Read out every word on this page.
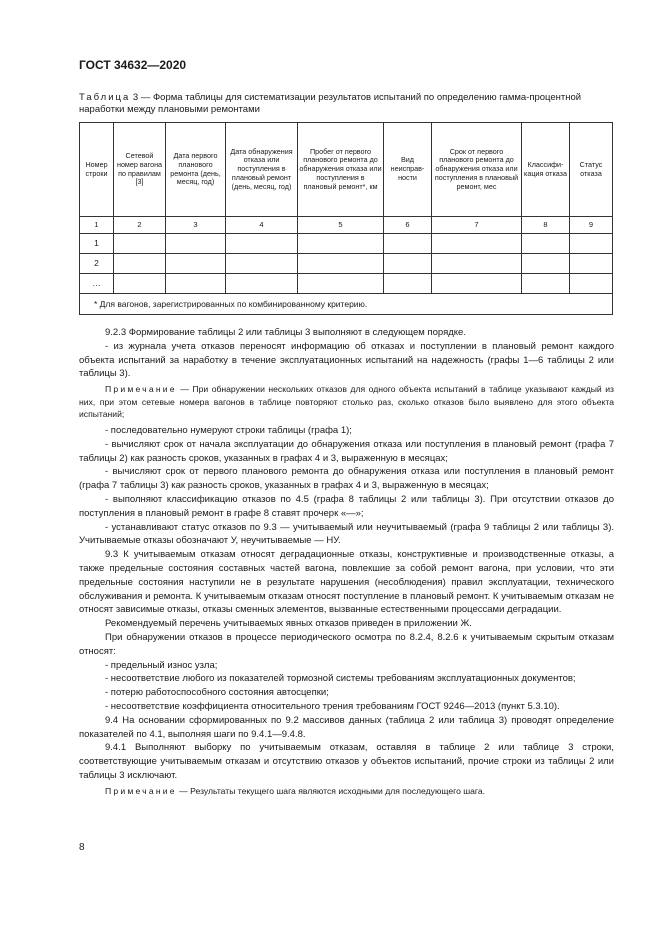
ГОСТ 34632—2020
Таблица 3 — Форма таблицы для систематизации результатов испытаний по определению гамма-процентной наработки между плановыми ремонтами
Номер строки	Сетевой номер вагона по правилам [3]	Дата первого планового ремонта (день, месяц, год)	Дата обнаружения отказа или поступления в плановый ремонт (день, месяц, год)	Пробег от первого планового ремонта до обнаружения отказа или поступления в плановый ремонт*, км	Вид неисправ-ности	Срок от первого планового ремонта до обнаружения отказа или поступления в плановый ремонт, мес	Классифи-кация отказа	Статус отказа
1	2	3	4	5	6	7	8	9
1								
2								
…								
* Для вагонов, зарегистрированных по комбинированному критерию.								

9.2.3 Формирование таблицы 2 или таблицы 3 выполняют в следующем порядке.

- из журнала учета отказов переносят информацию об отказах и поступлении в плановый ремонт каждого объекта испытаний за наработку в течение эксплуатационных испытаний на надежность (графы 1—6 таблицы 2 или таблицы 3).

Примечание — При обнаружении нескольких отказов для одного объекта испытаний в таблице указывают каждый из них, при этом сетевые номера вагонов в таблице повторяют столько раз, сколько отказов было выявлено для этого объекта испытаний;

- последовательно нумеруют строки таблицы (графа 1);

- вычисляют срок от начала эксплуатации до обнаружения отказа или поступления в плановый ремонт (графа 7 таблицы 2) как разность сроков, указанных в графах 4 и 3, выраженную в месяцах;

- вычисляют срок от первого планового ремонта до обнаружения отказа или поступления в плановый ремонт (графа 7 таблицы 3) как разность сроков, указанных в графах 4 и 3, выраженную в месяцах;

- выполняют классификацию отказов по 4.5 (графа 8 таблицы 2 или таблицы 3). При отсутствии отказов до поступления в плановый ремонт в графе 8 ставят прочерк «—»;

- устанавливают статус отказов по 9.3 — учитываемый или неучитываемый (графа 9 таблицы 2 или таблицы 3). Учитываемые отказы обозначают У, неучитываемые — НУ.

9.3 К учитываемым отказам относят деградационные отказы, конструктивные и производственные отказы, а также предельные состояния составных частей вагона, повлекшие за собой ремонт вагона, при условии, что эти предельные состояния наступили не в результате нарушения (несоблюдения) правил эксплуатации, технического обслуживания и ремонта. К учитываемым отказам относят поступление в плановый ремонт. К учитываемым отказам не относят зависимые отказы, отказы сменных элементов, вызванные естественными процессами деградации.

Рекомендуемый перечень учитываемых явных отказов приведен в приложении Ж.

При обнаружении отказов в процессе периодического осмотра по 8.2.4, 8.2.6 к учитываемым скрытым отказам относят:

- предельный износ узла;

- несоответствие любого из показателей тормозной системы требованиям эксплуатационных документов;

- потерю работоспособного состояния автосцепки;

- несоответствие коэффициента относительного трения требованиям ГОСТ 9246—2013 (пункт 5.3.10).

9.4 На основании сформированных по 9.2 массивов данных (таблица 2 или таблица 3) проводят определение показателей по 4.1, выполняя шаги по 9.4.1—9.4.8.

9.4.1 Выполняют выборку по учитываемым отказам, оставляя в таблице 2 или таблице 3 строки, соответствующие учитываемым отказам и отсутствию отказов у объектов испытаний, прочие строки из таблицы 2 или таблицы 3 исключают.

Примечание — Результаты текущего шага являются исходными для последующего шага.

8
